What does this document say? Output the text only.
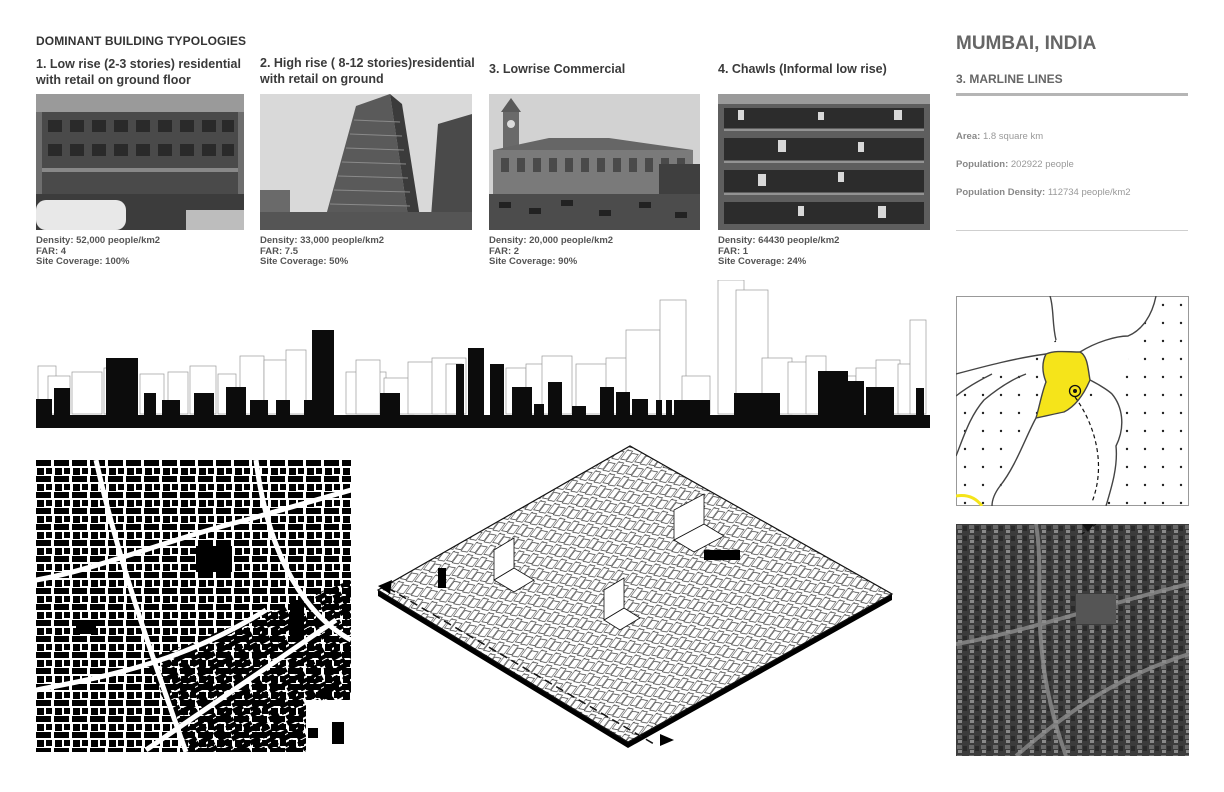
DOMINANT BUILDING TYPOLOGIES
1. Low rise (2-3 stories) residential
with retail on ground floor
2. High rise ( 8-12 stories)residential
with retail on ground
3. Lowrise Commercial	4. Chawls (Informal low rise)
Density: 52,000 people/km2
FAR: 4
Site Coverage: 100%
Density: 33,000 people/km2
FAR: 7.5
Site Coverage: 50%
Density: 20,000 people/km2
FAR: 2
Site Coverage: 90%
Density: 64430 people/km2
FAR: 1
Site Coverage: 24%
MUMBAI, INDIA
3. MARLINE LINES
Area: 1.8 square km
Population: 202922 people
Population Density: 112734 people/km2
